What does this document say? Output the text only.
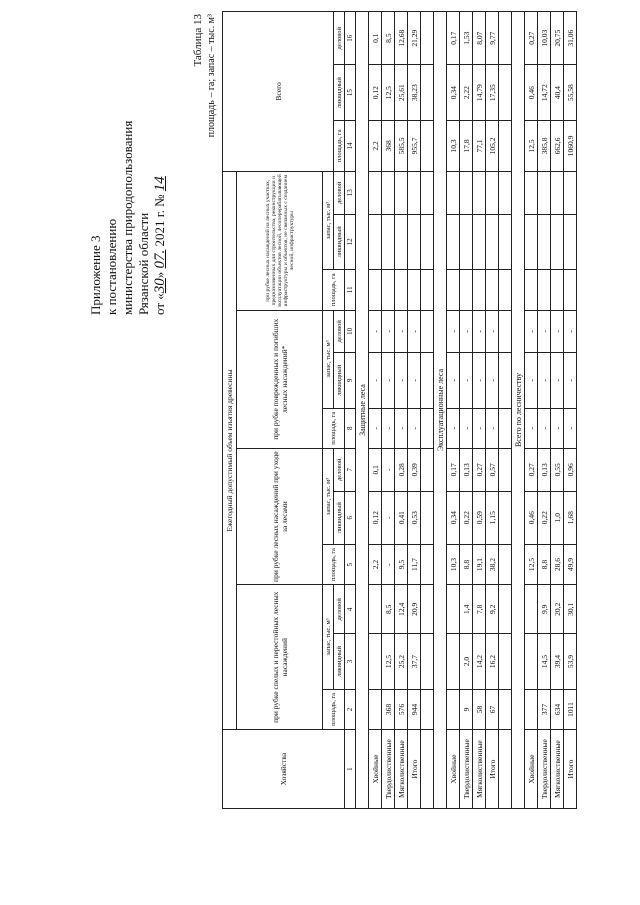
Приложение 3 к постановлению министерства природопользования Рязанской области от «30» 07. 2021 г. № 14
Таблица 13 площадь – га; запас – тыс. м³
Хозяйства	Ежегодный допустимый объем изъятия древесины												Всего		
	при рубке спелых и перестойных лесных насаждений			при рубке лесных насаждений при уходе за лесами			при рубке поврежденных и погибших лесных насаждений*			при рубке лесных насаждений на лесных участках, предназначенных для строительства, реконструкции и эксплуатации объектов лесной, лесоперерабатывающей инфраструктуры и объектов, не связанных с созданием лесной, инфраструктуры					
	площадь, га	запас, тыс. м³		площадь, га	запас, тыс. м³		площадь, га	запас, тыс. м³		площадь, га	запас, тыс. м³				
		ликвидный	деловой		ликвидный	деловой		ликвидный	деловой		ликвидный	деловой	площадь, га	ликвидный	деловой
1	2	3	4	5	6	7	8	9	10	11	12	13	14	15	16
Защитные леса															
Хвойные				2,2	0,12	0,1	-	-	-				2,2	0,12	0,1
Твердолиственные	368	12,5	8,5	-	-	-	-	-	-				368	12,5	8,5
Мягколиственные	576	25,2	12,4	9,5	0,41	0,28	-	-	-				585,5	25,61	12,68
Итого	944	37,7	20,9	11,7	0,53	0,39	-	-	-				955,7	38,23	21,29

Эксплуатационные леса															
Хвойные				10,3	0,34	0,17	-	-	-				10,3	0,34	0,17
Твердолиственные	9	2,0	1,4	8,8	0,22	0,13	-	-	-				17,8	2,22	1,53
Мягколиственные	58	14,2	7,8	19,1	0,59	0,27	-	-	-				77,1	14,79	8,07
Итого	67	16,2	9,2	38,2	1,15	0,57	-	-	-				105,2	17,35	9,77

Всего по лесничеству															
Хвойные				12,5	0,46	0,27	-	-	-				12,5	0,46	0,27
Твердолиственные	377	14,5	9,9	8,8	0,22	0,13	-	-	-				385,8	14,72	10,03
Мягколиственные	634	39,4	20,2	28,6	1,0	0,55	-	-	-				662,6	40,4	20,75
Итого	1011	53,9	30,1	49,9	1,68	0,96	-	-	-				1060,9	55,58	31,06
